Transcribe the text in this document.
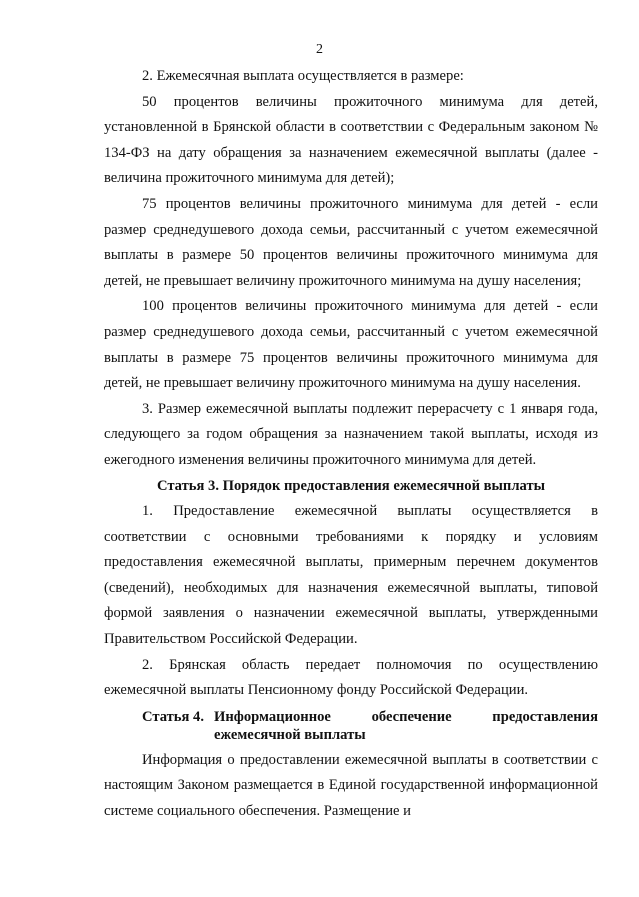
2

2. Ежемесячная выплата осуществляется в размере:

50 процентов величины прожиточного минимума для детей, установленной в Брянской области в соответствии с Федеральным законом № 134-ФЗ на дату обращения за назначением ежемесячной выплаты (далее - величина прожиточного минимума для детей);

75 процентов величины прожиточного минимума для детей - если размер среднедушевого дохода семьи, рассчитанный с учетом ежемесячной выплаты в размере 50 процентов величины прожиточного минимума для детей, не превышает величину прожиточного минимума на душу населения;

100 процентов величины прожиточного минимума для детей - если размер среднедушевого дохода семьи, рассчитанный с учетом ежемесячной выплаты в размере 75 процентов величины прожиточного минимума для детей, не превышает величину прожиточного минимума на душу населения.

3. Размер ежемесячной выплаты подлежит перерасчету с 1 января года, следующего за годом обращения за назначением такой выплаты, исходя из ежегодного изменения величины прожиточного минимума для детей.

Статья 3. Порядок предоставления ежемесячной выплаты

1. Предоставление ежемесячной выплаты осуществляется в соответствии с основными требованиями к порядку и условиям предоставления ежемесячной выплаты, примерным перечнем документов (сведений), необходимых для назначения ежемесячной выплаты, типовой формой заявления о назначении ежемесячной выплаты, утвержденными Правительством Российской Федерации.

2. Брянская область передает полномочия по осуществлению ежемесячной выплаты Пенсионному фонду Российской Федерации.

Статья 4. Информационное обеспечение предоставления ежемесячной выплаты

Информация о предоставлении ежемесячной выплаты в соответствии с настоящим Законом размещается в Единой государственной информационной системе социального обеспечения. Размещение и
